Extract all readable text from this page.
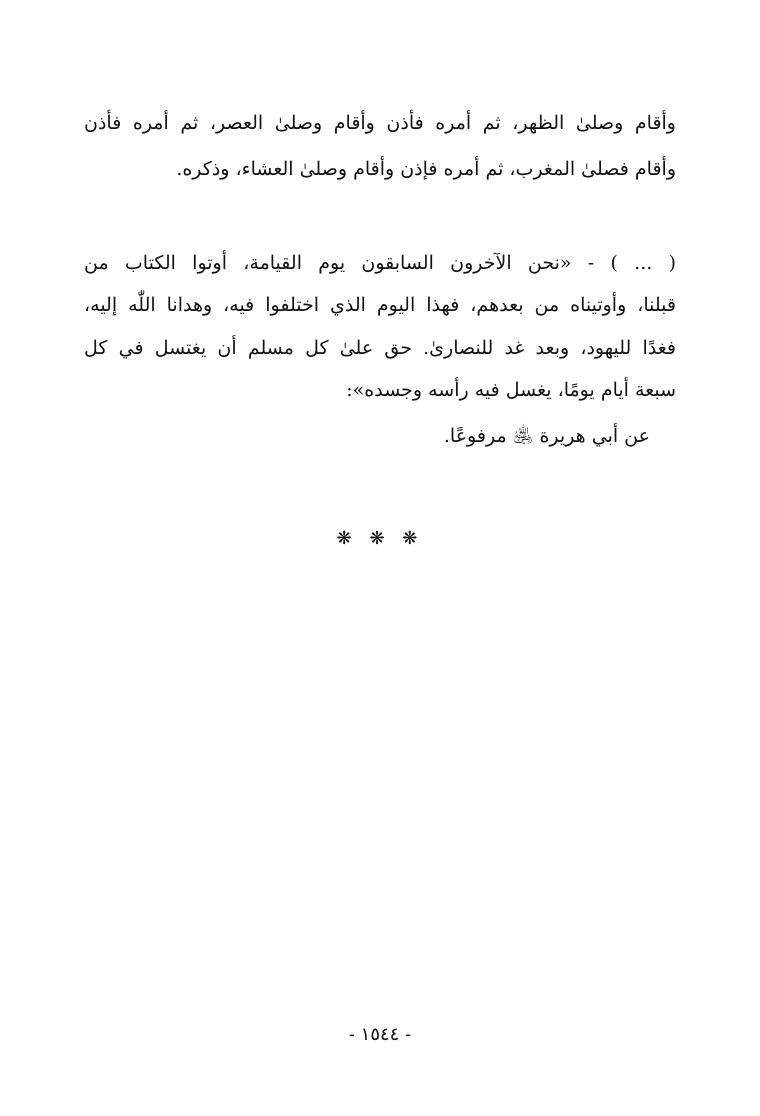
وأقام وصلىٰ الظهر، ثم أمره فأذن وأقام وصلىٰ العصر، ثم أمره فأذن
وأقام فصلىٰ المغرب، ثم أمره فإذن وأقام وصلىٰ العشاء، وذكره.
( ... ) - «نحن الآخرون السابقون يوم القيامة، أوتوا الكتاب من
قبلنا، وأوتيناه من بعدهم، فهذا اليوم الذي اختلفوا فيه، وهدانا اللّٰه إليه،
فغدًا لليهود، وبعد غد للنصارىٰ. حق علىٰ كل مسلم أن يغتسل في كل
سبعة أيام يومًا، يغسل فيه رأسه وجسده»:
عن أبي هريرة ﵁ مرفوعًا.
❋ ❋ ❋
- ١٥٤٤ -
